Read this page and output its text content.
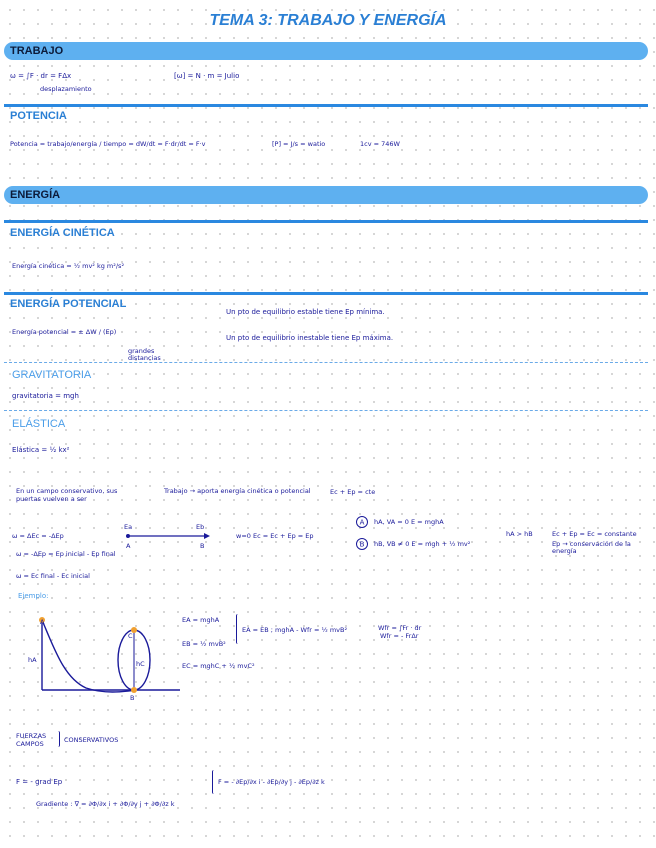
TEMA 3: TRABAJO Y ENERGÍA
TRABAJO
ω = ∫F · dr = FΔx
desplazamiento
[ω] = N · m = Julio
POTENCIA
Potencia = trabajo/energía / tiempo = dW/dt = F·dr/dt = F·v	[P] = J/s = watio	1cv = 746W
ENERGÍA
ENERGÍA CINÉTICA
Energía cinética = ½ mv² kg m²/s²
ENERGÍA POTENCIAL
Energía potencial = ± ΔW / (Ep)
grandes distancias
Un pto de equilibrio estable tiene Ep mínima.
Un pto de equilibrio inestable tiene Ep máxima.
GRAVITATORIA
gravitatoria = mgh
ELÁSTICA
Elástica = ½ kx²
En un campo conservativo, sus puertas vuelven a ser
Trabajo → aporta energía cinética o potencial	Ec + Ep = cte
ω = ΔEc = -ΔEp
ω = -ΔEp = Ep inicial - Ep final
ω = Ec final - Ec inicial
Ea	Eb
A	B
w=0 Ec = Ec + Ep = Ep
A
B
hA, VA = 0 E = mghA
hB, VB ≠ 0 E = mgh + ½ mv²
hA > hB	Ec + Ep = Ec = constante
Ep → conservación de la energía
Ejemplo:
A
C
B
hA	hC
EA = mghA
EB = ½ mvB²
EC = mghC + ½ mvC²
EA = EB ; mghA - Wfr = ½ mvB²	Wfr = ∫Fr · dr
Wfr = - FrΔr
FUERZAS
CAMPOS	CONSERVATIVOS
F = - grad Ep
Gradiente : ∇ = ∂Φ/∂x i + ∂Φ/∂y j + ∂Φ/∂z k
F = - ∂Ep/∂x i - ∂Ep/∂y j - ∂Ep/∂z k
